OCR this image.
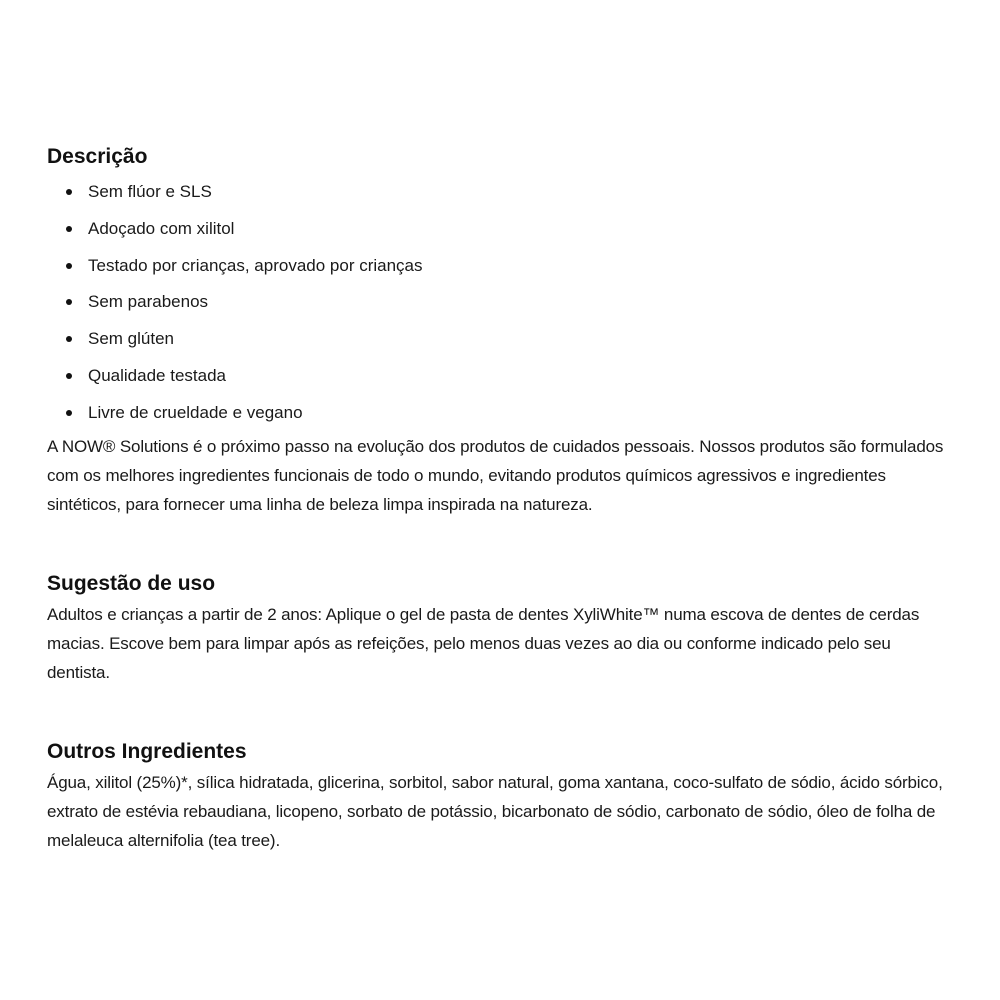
Descrição
Sem flúor e SLS
Adoçado com xilitol
Testado por crianças, aprovado por crianças
Sem parabenos
Sem glúten
Qualidade testada
Livre de crueldade e vegano

A NOW® Solutions é o próximo passo na evolução dos produtos de cuidados pessoais. Nossos produtos são formulados com os melhores ingredientes funcionais de todo o mundo, evitando produtos químicos agressivos e ingredientes sintéticos, para fornecer uma linha de beleza limpa inspirada na natureza.

Sugestão de uso

Adultos e crianças a partir de 2 anos: Aplique o gel de pasta de dentes XyliWhite™ numa escova de dentes de cerdas macias. Escove bem para limpar após as refeições, pelo menos duas vezes ao dia ou conforme indicado pelo seu dentista.

Outros Ingredientes

Água, xilitol (25%)*, sílica hidratada, glicerina, sorbitol, sabor natural, goma xantana, coco-sulfato de sódio, ácido sórbico, extrato de estévia rebaudiana, licopeno, sorbato de potássio, bicarbonato de sódio, carbonato de sódio, óleo de folha de melaleuca alternifolia (tea tree).
